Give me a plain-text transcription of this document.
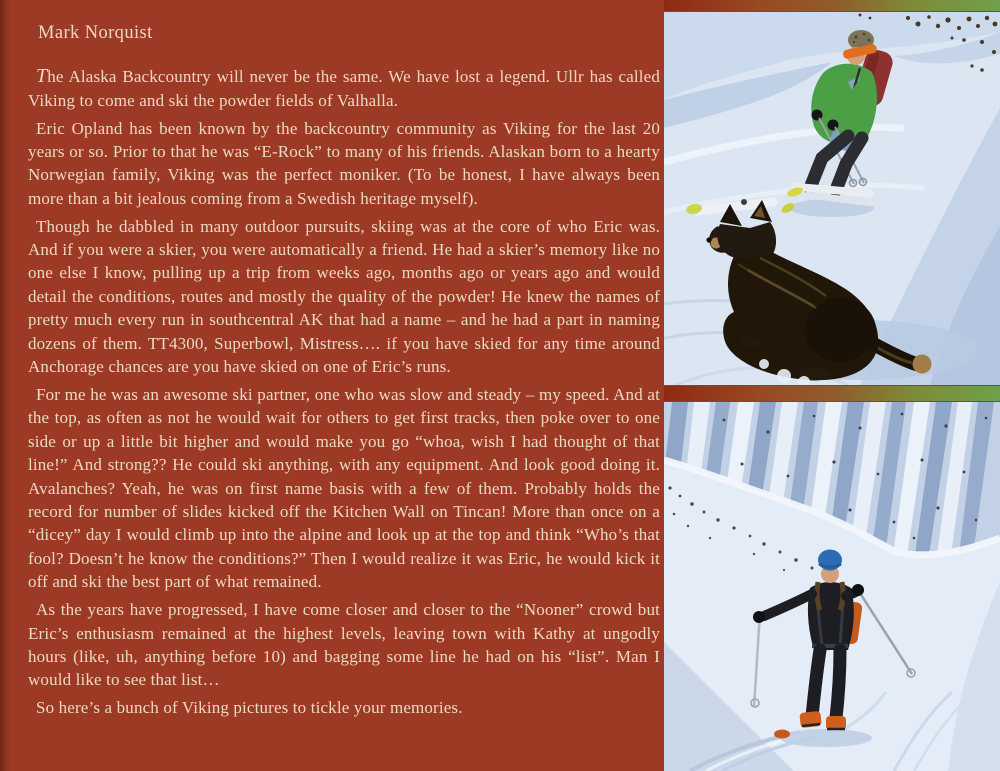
Mark Norquist

The Alaska Backcountry will never be the same. We have lost a legend. Ullr has called Viking to come and ski the powder fields of Valhalla.

Eric Opland has been known by the backcountry community as Viking for the last 20 years or so. Prior to that he was “E-Rock” to many of his friends. Alaskan born to a hearty Norwegian family, Viking was the perfect moniker. (To be honest, I have always been more than a bit jealous coming from a Swedish heritage myself).

Though he dabbled in many outdoor pursuits, skiing was at the core of who Eric was. And if you were a skier, you were automatically a friend. He had a skier’s memory like no one else I know, pulling up a trip from weeks ago, months ago or years ago and would detail the conditions, routes and mostly the quality of the powder! He knew the names of pretty much every run in southcentral AK that had a name – and he had a part in naming dozens of them. TT4300, Superbowl, Mistress…. if you have skied for any time around Anchorage chances are you have skied on one of Eric’s runs.

For me he was an awesome ski partner, one who was slow and steady – my speed. And at the top, as often as not he would wait for others to get first tracks, then poke over to one side or up a little bit higher and would make you go “whoa, wish I had thought of that line!” And strong?? He could ski anything, with any equipment. And look good doing it. Avalanches? Yeah, he was on first name basis with a few of them. Probably holds the record for number of slides kicked off the Kitchen Wall on Tincan! More than once on a “dicey” day I would climb up into the alpine and look up at the top and think “Who’s that fool? Doesn’t he know the conditions?” Then I would realize it was Eric, he would kick it off and ski the best part of what remained.

As the years have progressed, I have come closer and closer to the “Nooner” crowd but Eric’s enthusiasm remained at the highest levels, leaving town with Kathy at ungodly hours (like, uh, anything before 10) and bagging some line he had on his “list”. Man I would like to see that list…

So here’s a bunch of Viking pictures to tickle your memories.
